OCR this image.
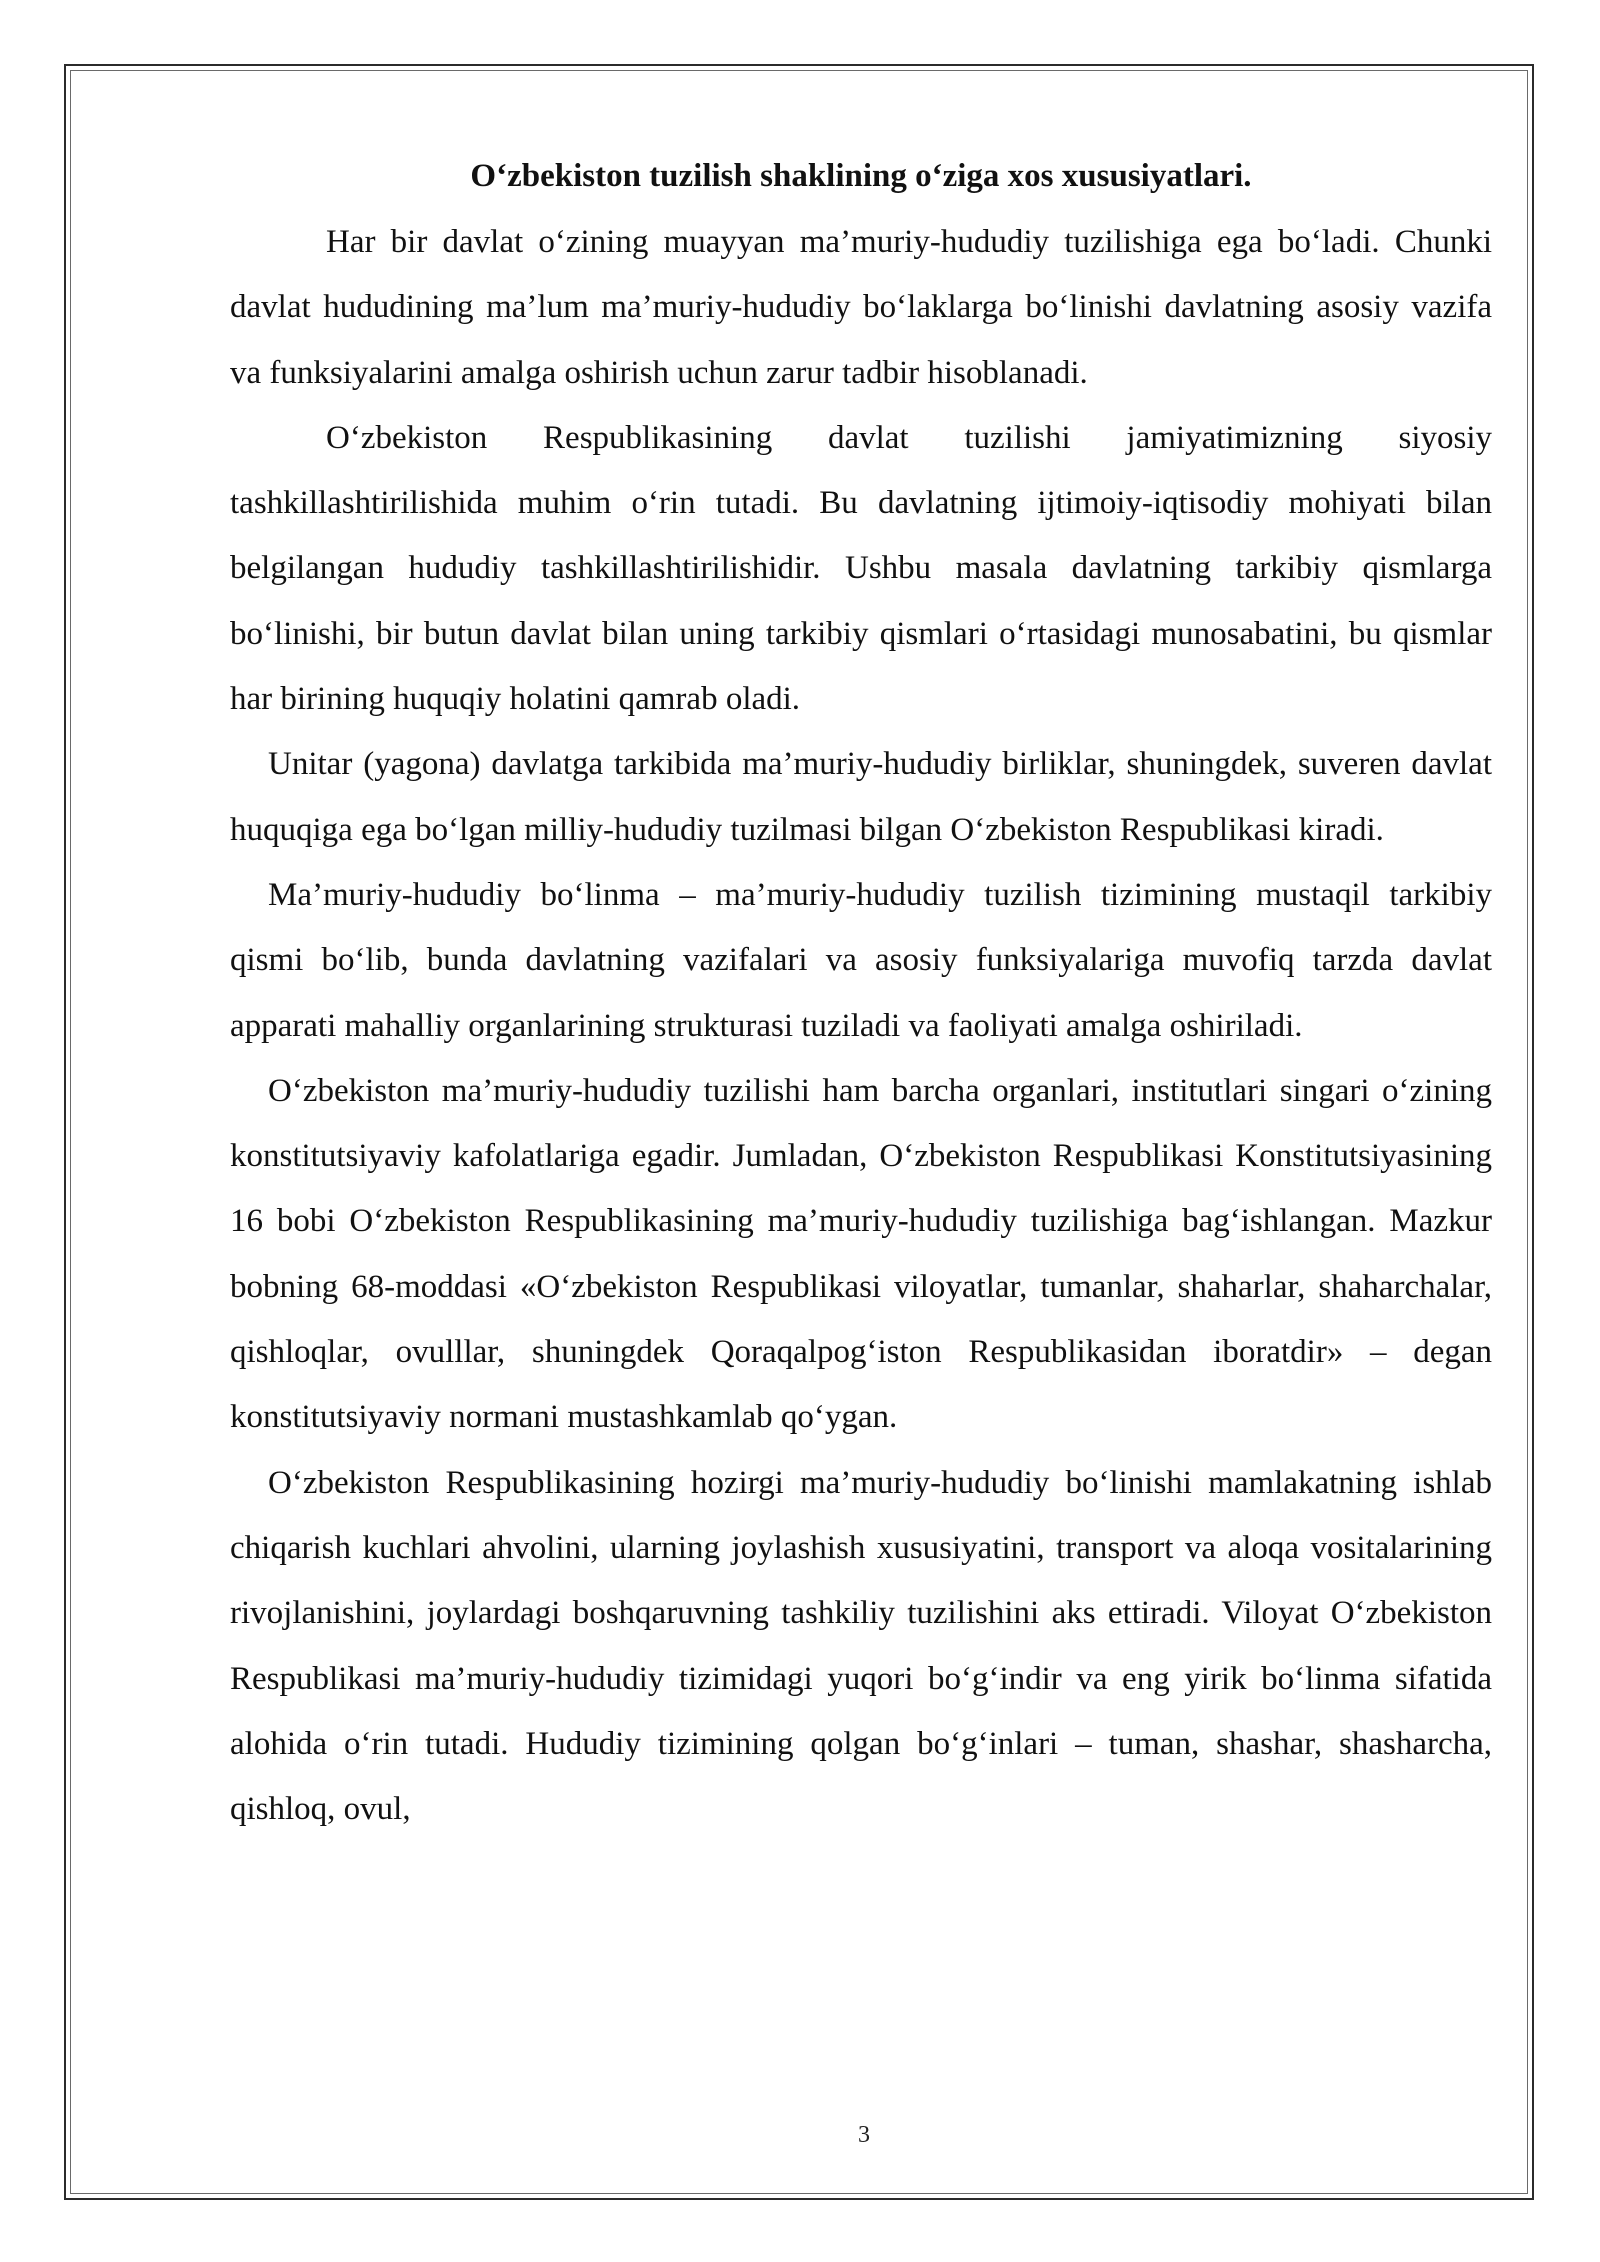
O‘zbekiston tuzilish shaklining o‘ziga xos xususiyatlari.

Har bir davlat o‘zining muayyan ma’muriy-hududiy tuzilishiga ega bo‘ladi. Chunki davlat hududining ma’lum ma’muriy-hududiy bo‘laklarga bo‘linishi davlatning asosiy vazifa va funksiyalarini amalga oshirish uchun zarur tadbir hisoblanadi.

O‘zbekiston Respublikasining davlat tuzilishi jamiyatimizning siyosiy tashkillashtirilishida muhim o‘rin tutadi. Bu davlatning ijtimoiy-iqtisodiy mohiyati bilan belgilangan hududiy tashkillashtirilishidir. Ushbu masala davlatning tarkibiy qismlarga bo‘linishi, bir butun davlat bilan uning tarkibiy qismlari o‘rtasidagi munosabatini, bu qismlar har birining huquqiy holatini qamrab oladi.

Unitar (yagona) davlatga tarkibida ma’muriy-hududiy birliklar, shuningdek, suveren davlat huquqiga ega bo‘lgan milliy-hududiy tuzilmasi bilgan O‘zbekiston Respublikasi kiradi.

Ma’muriy-hududiy bo‘linma – ma’muriy-hududiy tuzilish tizimining mustaqil tarkibiy qismi bo‘lib, bunda davlatning vazifalari va asosiy funksiyalariga muvofiq tarzda davlat apparati mahalliy organlarining strukturasi tuziladi va faoliyati amalga oshiriladi.

O‘zbekiston ma’muriy-hududiy tuzilishi ham barcha organlari, institutlari singari o‘zining konstitutsiyaviy kafolatlariga egadir. Jumladan, O‘zbekiston Respublikasi Konstitutsiyasining 16 bobi O‘zbekiston Respublikasining ma’muriy-hududiy tuzilishiga bag‘ishlangan. Mazkur bobning 68-moddasi «O‘zbekiston Respublikasi viloyatlar, tumanlar, shaharlar, shaharchalar, qishloqlar, ovulllar, shuningdek Qoraqalpog‘iston Respublikasidan iboratdir» – degan konstitutsiyaviy normani mustashkamlab qo‘ygan.

O‘zbekiston Respublikasining hozirgi ma’muriy-hududiy bo‘linishi mamlakatning ishlab chiqarish kuchlari ahvolini, ularning joylashish xususiyatini, transport va aloqa vositalarining rivojlanishini, joylardagi boshqaruvning tashkiliy tuzilishini aks ettiradi. Viloyat O‘zbekiston Respublikasi ma’muriy-hududiy tizimidagi yuqori bo‘g‘indir va eng yirik bo‘linma sifatida alohida o‘rin tutadi. Hududiy tizimining qolgan bo‘g‘inlari – tuman, shashar, shasharcha, qishloq, ovul,

3
